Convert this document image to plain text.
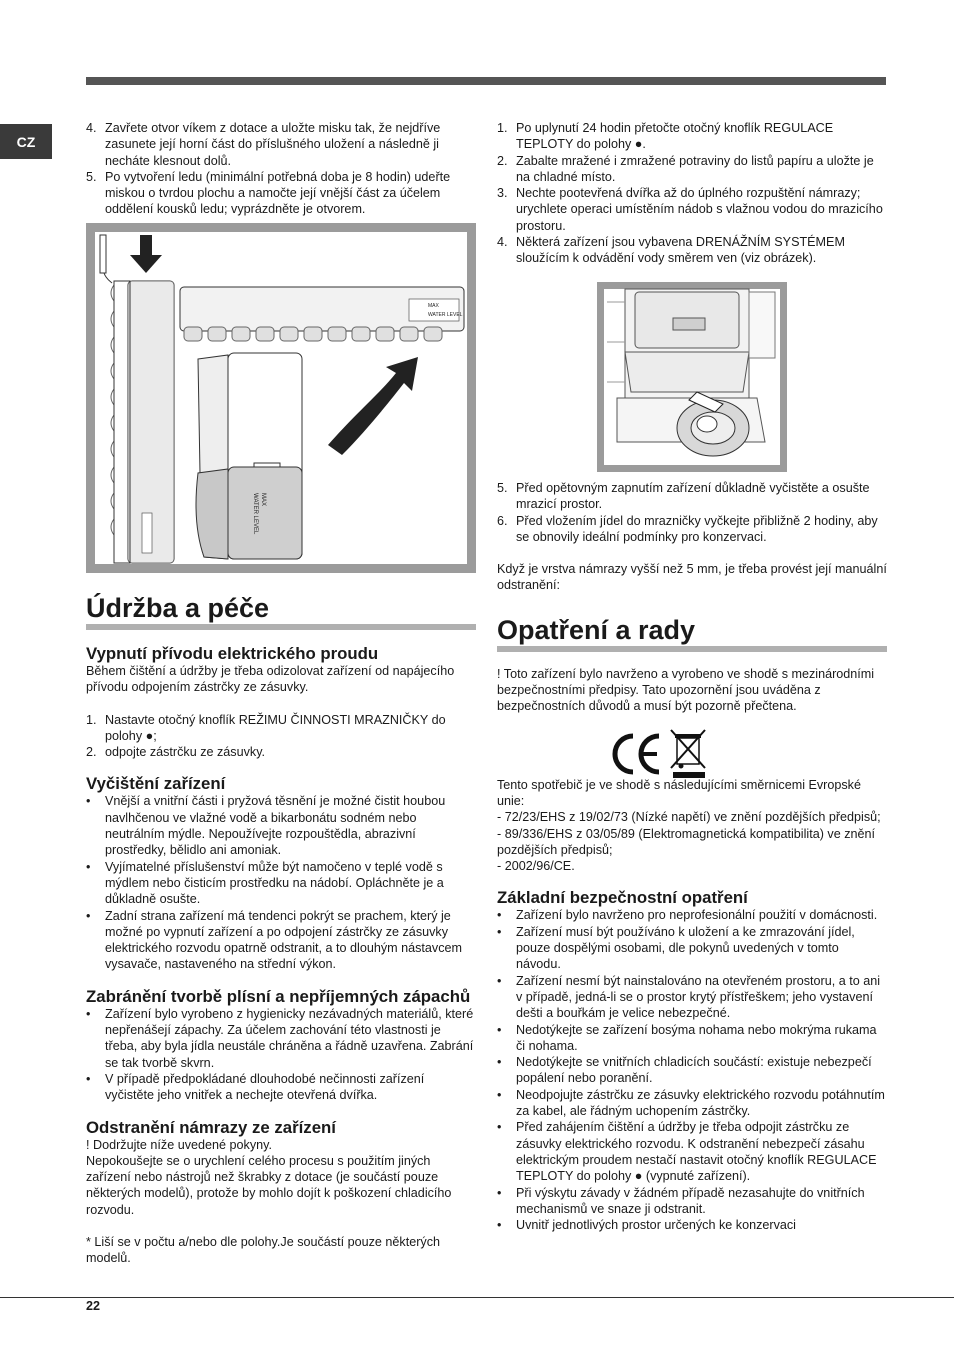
CZ
4. Zavřete otvor víkem z dotace a uložte misku tak, že nejdříve zasunete její horní část do příslušného uložení a následně ji necháte klesnout dolů.
5. Po vytvoření ledu (minimální potřebná doba je 8 hodin) udeřte miskou o tvrdou plochu a namočte její vnější část za účelem oddělení kousků ledu; vyprázdněte je otvorem.
MAX
WATER LEVEL
MAX
WATER LEVEL
Údržba a péče
Vypnutí přívodu elektrického proudu

Během čištění a údržby je třeba odizolovat zařízení od napájecího přívodu odpojením zástrčky ze zásuvky.

1. Nastavte otočný knoflík REŽIMU ČINNOSTI MRAZNIČKY do polohy ●;
2. odpojte zástrčku ze zásuvky.
Vyčištění zařízení
• Vnější a vnitřní části i pryžová těsnění je možné čistit houbou navlhčenou ve vlažné vodě a bikarbonátu sodném nebo neutrálním mýdle. Nepoužívejte rozpouštědla, abrazivní prostředky, bělidlo ani amoniak.
• Vyjímatelné příslušenství může být namočeno v teplé vodě s mýdlem nebo čisticím prostředku na nádobí. Opláchněte je a důkladně osušte.
• Zadní strana zařízení má tendenci pokrýt se prachem, který je možné po vypnutí zařízení a po odpojení zástrčky ze zásuvky elektrického rozvodu opatrně odstranit, a to dlouhým nástavcem vysavače, nastaveného na střední výkon.
Zabránění tvorbě plísní a nepříjemných zápachů
• Zařízení bylo vyrobeno z hygienicky nezávadných materiálů, které nepřenášejí zápachy. Za účelem zachování této vlastnosti je třeba, aby byla jídla neustále chráněna a řádně uzavřena. Zabrání se tak tvorbě skvrn.
• V případě předpokládané dlouhodobé nečinnosti zařízení vyčistěte jeho vnitřek a nechejte otevřená dvířka.
Odstranění námrazy ze zařízení

! Dodržujte níže uvedené pokyny.

Nepokoušejte se o urychlení celého procesu s použitím jiných zařízení nebo nástrojů než škrabky z dotace (je součástí pouze některých modelů), protože by mohlo dojít k poškození chladicího rozvodu.

* Liší se v počtu a/nebo dle polohy.Je součástí pouze některých modelů.

1. Po uplynutí 24 hodin přetočte otočný knoflík REGULACE TEPLOTY do polohy ●.
2. Zabalte mražené i zmražené potraviny do listů papíru a uložte je na chladné místo.
3. Nechte pootevřená dvířka až do úplného rozpuštění námrazy; urychlete operaci umístěním nádob s vlažnou vodou do mrazicího prostoru.
4. Některá zařízení jsou vybavena DRENÁŽNÍM SYSTÉMEM sloužícím k odvádění vody směrem ven (viz obrázek).
5. Před opětovným zapnutím zařízení důkladně vyčistěte a osušte mrazicí prostor.
6. Před vložením jídel do mrazničky vyčkejte přibližně 2 hodiny, aby se obnovily ideální podmínky pro konzervaci.

Když je vrstva námrazy vyšší než 5 mm, je třeba provést její manuální odstranění:

Opatření a rady

! Toto zařízení bylo navrženo a vyrobeno ve shodě s mezinárodními bezpečnostními předpisy. Tato upozornění jsou uváděna z bezpečnostních důvodů a musí být pozorně přečtena.

Tento spotřebič je ve shodě s následujícími směrnicemi Evropské unie:

- 72/23/EHS z 19/02/73 (Nízké napětí) ve znění pozdějších předpisů;

- 89/336/EHS z 03/05/89 (Elektromagnetická kompatibilita) ve znění pozdějších předpisů;

- 2002/96/CE.

Základní bezpečnostní opatření
• Zařízení bylo navrženo pro neprofesionální použití v domácnosti.
• Zařízení musí být používáno k uložení a ke zmrazování jídel, pouze dospělými osobami, dle pokynů uvedených v tomto návodu.
• Zařízení nesmí být nainstalováno na otevřeném prostoru, a to ani v případě, jedná-li se o prostor krytý přístřeškem; jeho vystavení dešti a bouřkám je velice nebezpečné.
• Nedotýkejte se zařízení bosýma nohama nebo mokrýma rukama či nohama.
• Nedotýkejte se vnitřních chladicích součástí: existuje nebezpečí popálení nebo poranění.
• Neodpojujte zástrčku ze zásuvky elektrického rozvodu potáhnutím za kabel, ale řádným uchopením zástrčky.
• Před zahájením čištění a údržby je třeba odpojit zástrčku ze zásuvky elektrického rozvodu. K odstranění nebezpečí zásahu elektrickým proudem nestačí nastavit otočný knoflík REGULACE TEPLOTY do polohy ● (vypnuté zařízení).
• Při výskytu závady v žádném případě nezasahujte do vnitřních mechanismů ve snaze ji odstranit.
• Uvnitř jednotlivých prostor určených ke konzervaci
22
